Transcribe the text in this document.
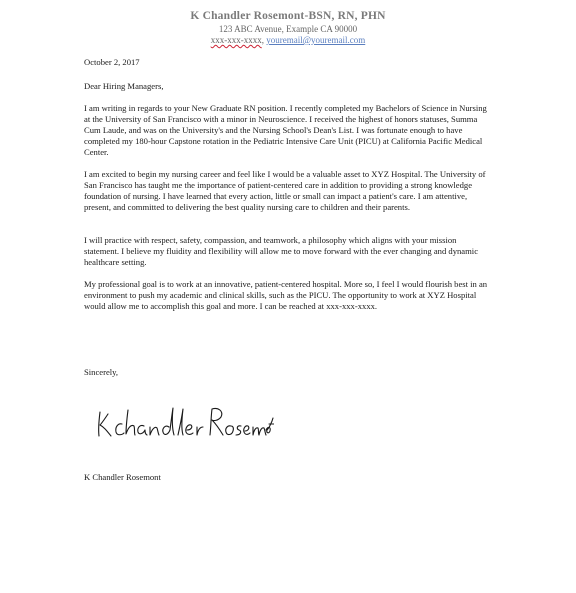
K Chandler Rosemont-BSN, RN, PHN
123 ABC Avenue, Example CA 90000
xxx-xxx-xxxx, youremail@youremail.com
October 2, 2017
Dear Hiring Managers,

I am writing in regards to your New Graduate RN position. I recently completed my Bachelors of Science in Nursing at the University of San Francisco with a minor in Neuroscience. I received the highest of honors statuses, Summa Cum Laude, and was on the University's and the Nursing School's Dean's List. I was fortunate enough to have completed my 180-hour Capstone rotation in the Pediatric Intensive Care Unit (PICU) at California Pacific Medical Center.

I am excited to begin my nursing career and feel like I would be a valuable asset to XYZ Hospital. The University of San Francisco has taught me the importance of patient-centered care in addition to providing a strong knowledge foundation of nursing. I have learned that every action, little or small can impact a patient's care. I am attentive, present, and committed to delivering the best quality nursing care to children and their parents.

I will practice with respect, safety, compassion, and teamwork, a philosophy which aligns with your mission statement. I believe my fluidity and flexibility will allow me to move forward with the ever changing and dynamic healthcare setting.

My professional goal is to work at an innovative, patient-centered hospital. More so, I feel I would flourish best in an environment to push my academic and clinical skills, such as the PICU. The opportunity to work at XYZ Hospital would allow me to accomplish this goal and more. I can be reached at xxx-xxx-xxxx.

Sincerely,
K Chandler Rosemont
